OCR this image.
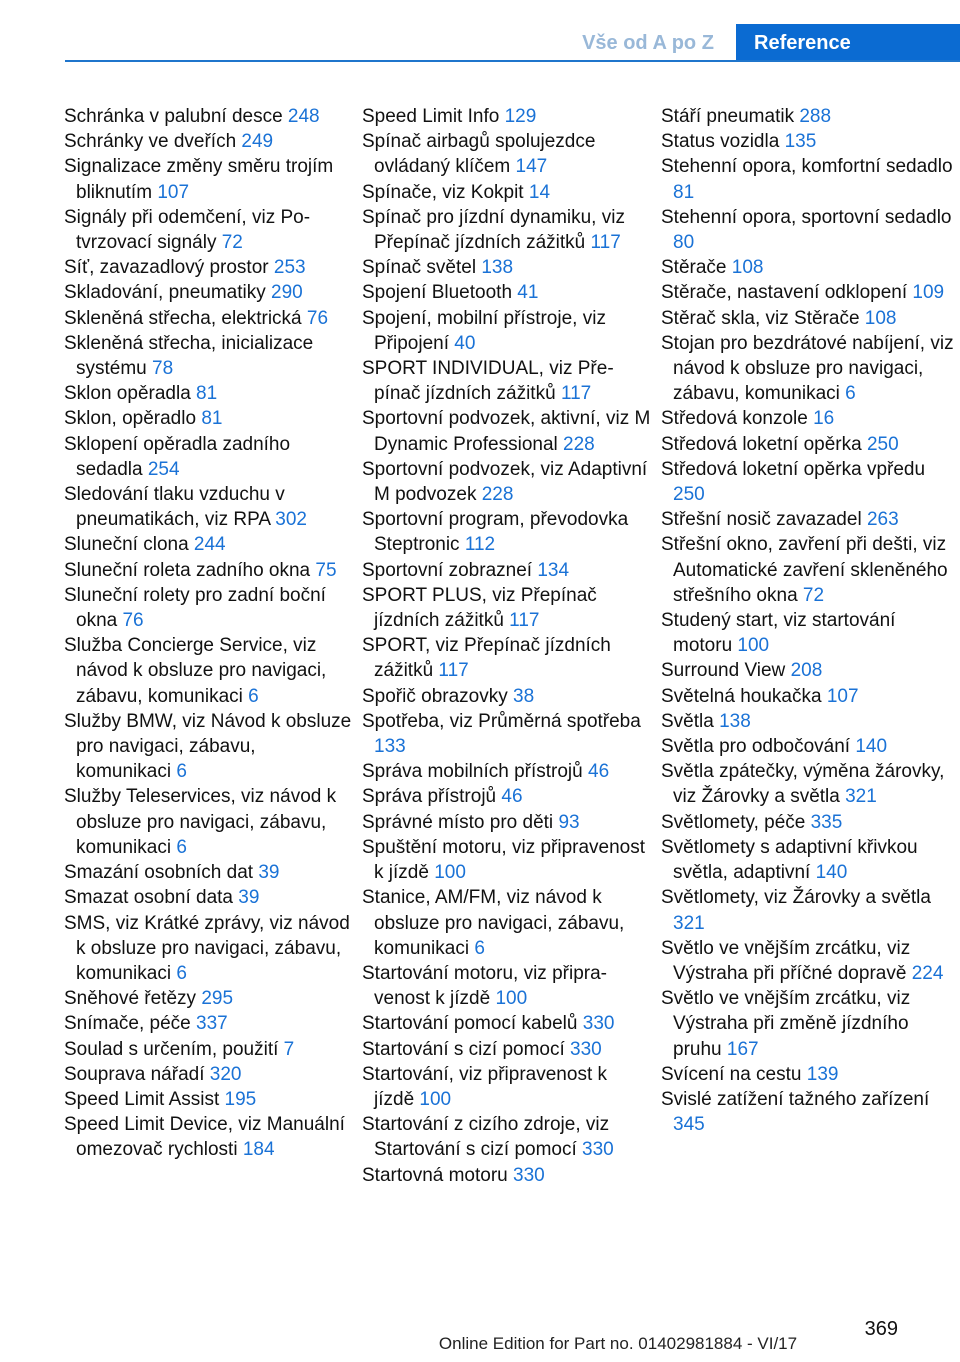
Vše od A po Z	Reference
Schránka v palubní desce 248
Schránky ve dveřích 249
Signalizace změny směru trojím bliknutím 107
Signály při odemčení, viz Potvrzovací signály 72
Síť, zavazadlový prostor 253
Skladování, pneumatiky 290
Skleněná střecha, elektrická 76
Skleněná střecha, inicializace systému 78
Sklon opěradla 81
Sklon, opěradlo 81
Sklopení opěradla zadního sedadla 254
Sledování tlaku vzduchu v pneumatikách, viz RPA 302
Sluneční clona 244
Sluneční roleta zadního okna 75
Sluneční rolety pro zadní boční okna 76
Služba Concierge Service, viz návod k obsluze pro navigaci, zábavu, komunikaci 6
Služby BMW, viz Návod k obsluze pro navigaci, zábavu, komunikaci 6
Služby Teleservices, viz návod k obsluze pro navigaci, zábavu, komunikaci 6
Smazání osobních dat 39
Smazat osobní data 39
SMS, viz Krátké zprávy, viz návod k obsluze pro navigaci, zábavu, komunikaci 6
Sněhové řetězy 295
Snímače, péče 337
Soulad s určením, použití 7
Souprava nářadí 320
Speed Limit Assist 195
Speed Limit Device, viz Manuální omezovač rychlosti 184
Speed Limit Info 129
Spínač airbagů spolujezdce ovládaný klíčem 147
Spínače, viz Kokpit 14
Spínač pro jízdní dynamiku, viz Přepínač jízdních zážitků 117
Spínač světel 138
Spojení Bluetooth 41
Spojení, mobilní přístroje, viz Připojení 40
SPORT INDIVIDUAL, viz Přepínač jízdních zážitků 117
Sportovní podvozek, aktivní, viz M Dynamic Professional 228
Sportovní podvozek, viz Adaptivní M podvozek 228
Sportovní program, převodovka Steptronic 112
Sportovní zobrazneí 134
SPORT PLUS, viz Přepínač jízdních zážitků 117
SPORT, viz Přepínač jízdních zážitků 117
Spořič obrazovky 38
Spotřeba, viz Průměrná spotřeba 133
Správa mobilních přístrojů 46
Správa přístrojů 46
Správné místo pro děti 93
Spuštění motoru, viz připravenost k jízdě 100
Stanice, AM/FM, viz návod k obsluze pro navigaci, zábavu, komunikaci 6
Startování motoru, viz připravenost k jízdě 100
Startování pomocí kabelů 330
Startování s cizí pomocí 330
Startování, viz připravenost k jízdě 100
Startování z cizího zdroje, viz Startování s cizí pomocí 330
Startovná motoru 330
Stáří pneumatik 288
Status vozidla 135
Stehenní opora, komfortní sedadlo 81
Stehenní opora, sportovní sedadlo 80
Stěrače 108
Stěrače, nastavení odklopení 109
Stěrač skla, viz Stěrače 108
Stojan pro bezdrátové nabíjení, viz návod k obsluze pro navigaci, zábavu, komunikaci 6
Středová konzole 16
Středová loketní opěrka 250
Středová loketní opěrka vpředu 250
Střešní nosič zavazadel 263
Střešní okno, zavření při dešti, viz Automatické zavření skleněného střešního okna 72
Studený start, viz startování motoru 100
Surround View 208
Světelná houkačka 107
Světla 138
Světla pro odbočování 140
Světla zpátečky, výměna žárovky, viz Žárovky a světla 321
Světlomety, péče 335
Světlomety s adaptivní křivkou světla, adaptivní 140
Světlomety, viz Žárovky a světla 321
Světlo ve vnějším zrcátku, viz Výstraha při příčné dopravě 224
Světlo ve vnějším zrcátku, viz Výstraha při změně jízdního pruhu 167
Svícení na cestu 139
Svislé zatížení tažného zařízení 345
369
Online Edition for Part no. 01402981884 - VI/17
